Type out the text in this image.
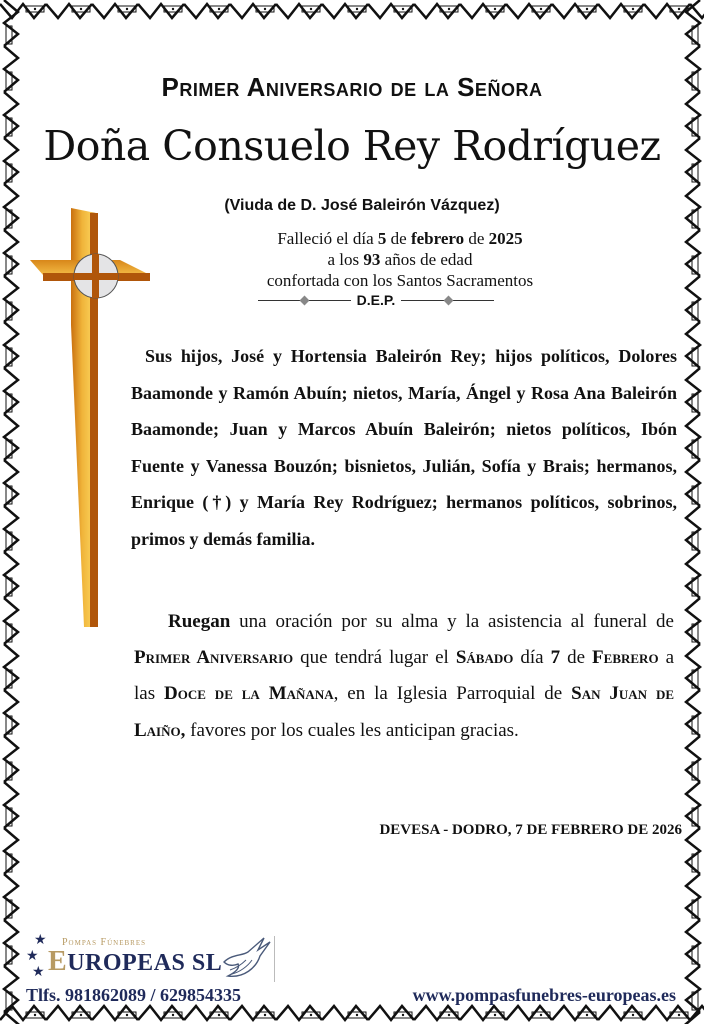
Primer Aniversario de la Señora
Doña Consuelo Rey Rodríguez
(Viuda de D. José Baleirón Vázquez)
Falleció el día 5 de febrero de 2025
a los 93 años de edad
confortada con los Santos Sacramentos
D.E.P.
Sus hijos, José y Hortensia Baleirón Rey; hijos políticos, Dolores Baamonde y Ramón Abuín; nietos, María, Ángel y Rosa Ana Baleirón Baamonde; Juan y Marcos Abuín Baleirón; nietos políticos, Ibón Fuente y Vanessa Bouzón; bisnietos, Julián, Sofía y Brais; hermanos, Enrique (†) y María Rey Rodríguez; hermanos políticos, sobrinos, primos y demás familia.
Ruegan una oración por su alma y la asistencia al funeral de Primer Aniversario que tendrá lugar el Sábado día 7 de Febrero a las Doce de la Mañana, en la Iglesia Parroquial de San Juan de Laiño, favores por los cuales les anticipan gracias.
DEVESA - DODRO, 7 DE FEBRERO DE 2026
★
★
★
Pompas Fúnebres
EUROPEAS SL
Tlfs. 981862089 / 629854335	www.pompasfunebres-europeas.es
